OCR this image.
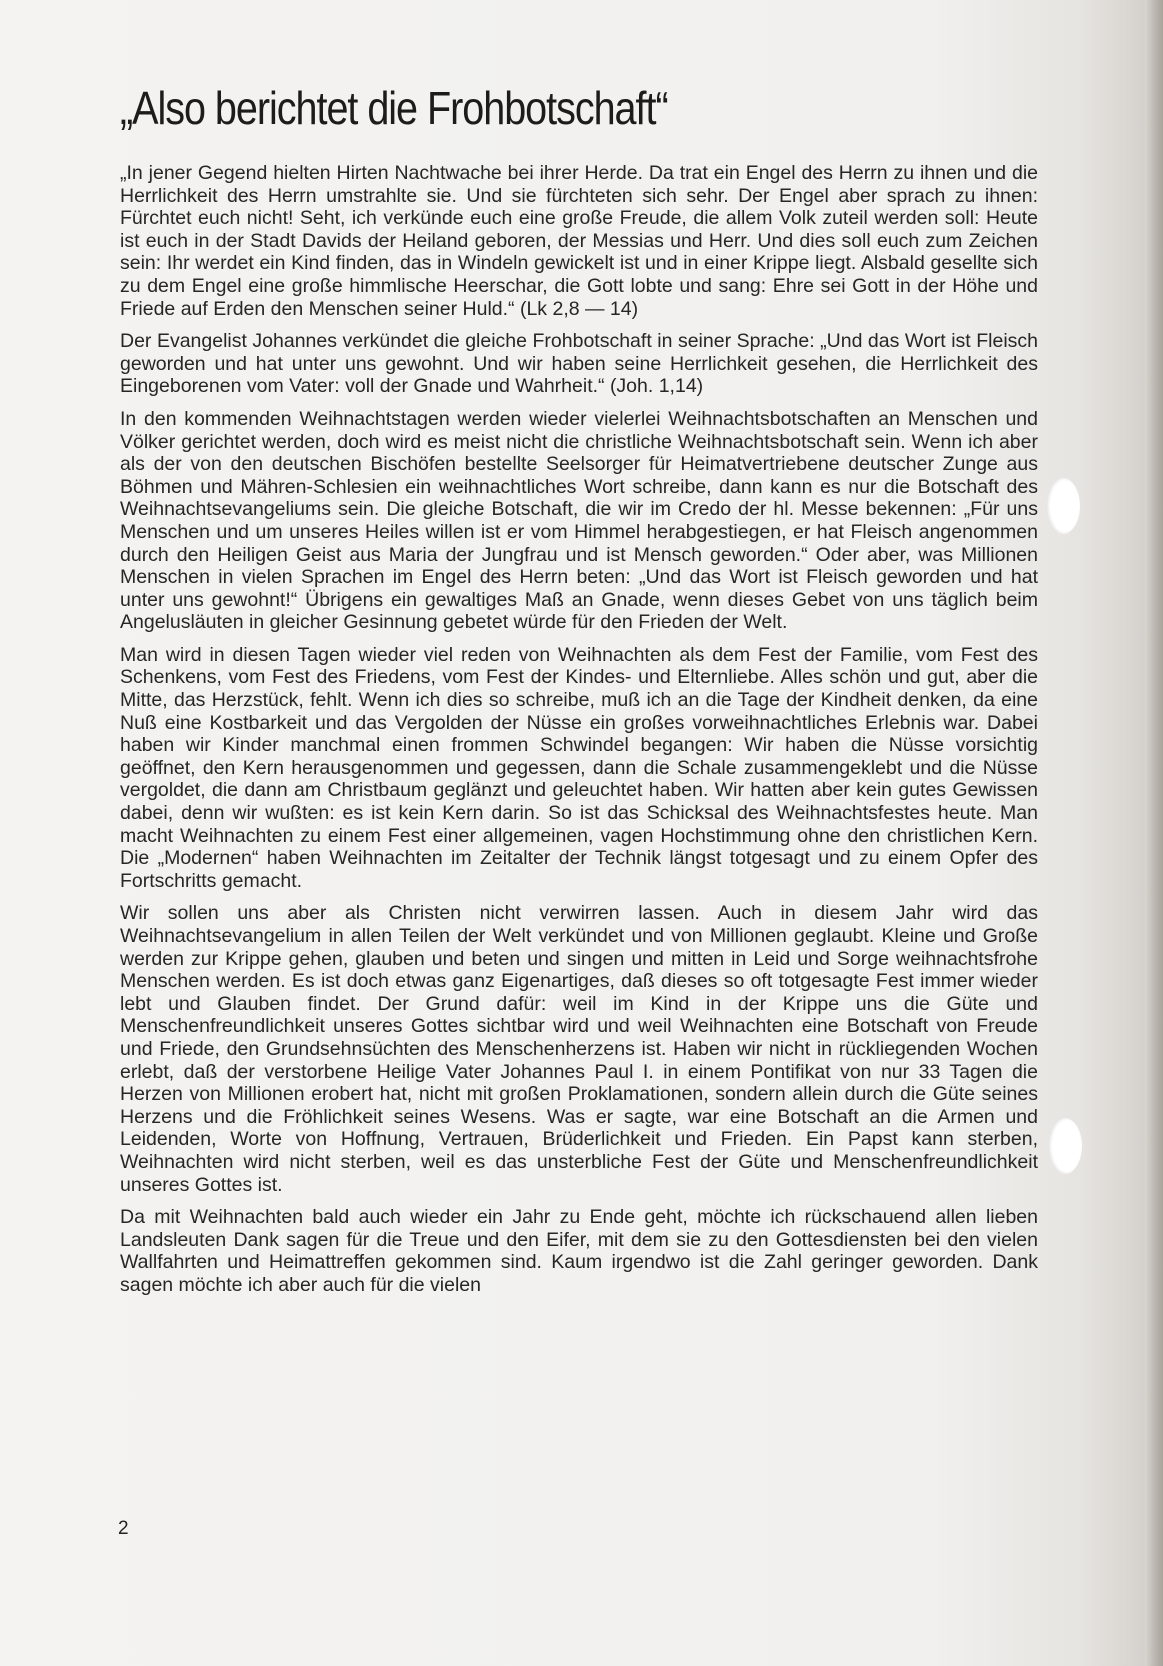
„Also berichtet die Frohbotschaft“

„In jener Gegend hielten Hirten Nachtwache bei ihrer Herde. Da trat ein Engel des Herrn zu ihnen und die Herrlichkeit des Herrn umstrahlte sie. Und sie fürchteten sich sehr. Der Engel aber sprach zu ihnen: Fürchtet euch nicht! Seht, ich verkünde euch eine große Freude, die allem Volk zuteil werden soll: Heute ist euch in der Stadt Davids der Heiland geboren, der Messias und Herr. Und dies soll euch zum Zeichen sein: Ihr werdet ein Kind finden, das in Windeln gewickelt ist und in einer Krippe liegt. Alsbald gesellte sich zu dem Engel eine große himmlische Heerschar, die Gott lobte und sang: Ehre sei Gott in der Höhe und Friede auf Erden den Menschen seiner Huld.“ (Lk 2,8 — 14)

Der Evangelist Johannes verkündet die gleiche Frohbotschaft in seiner Sprache: „Und das Wort ist Fleisch geworden und hat unter uns gewohnt. Und wir haben seine Herrlichkeit gesehen, die Herrlichkeit des Eingeborenen vom Vater: voll der Gnade und Wahrheit.“ (Joh. 1,14)

In den kommenden Weihnachtstagen werden wieder vielerlei Weihnachtsbotschaften an Menschen und Völker gerichtet werden, doch wird es meist nicht die christliche Weihnachtsbotschaft sein. Wenn ich aber als der von den deutschen Bischöfen bestellte Seelsorger für Heimatvertriebene deutscher Zunge aus Böhmen und Mähren-Schlesien ein weihnachtliches Wort schreibe, dann kann es nur die Botschaft des Weihnachtsevangeliums sein. Die gleiche Botschaft, die wir im Credo der hl. Messe bekennen: „Für uns Menschen und um unseres Heiles willen ist er vom Himmel herabgestiegen, er hat Fleisch angenommen durch den Heiligen Geist aus Maria der Jungfrau und ist Mensch geworden.“ Oder aber, was Millionen Menschen in vielen Sprachen im Engel des Herrn beten: „Und das Wort ist Fleisch geworden und hat unter uns gewohnt!“ Übrigens ein gewaltiges Maß an Gnade, wenn dieses Gebet von uns täglich beim Angelusläuten in gleicher Gesinnung gebetet würde für den Frieden der Welt.

Man wird in diesen Tagen wieder viel reden von Weihnachten als dem Fest der Familie, vom Fest des Schenkens, vom Fest des Friedens, vom Fest der Kindes- und Elternliebe. Alles schön und gut, aber die Mitte, das Herzstück, fehlt. Wenn ich dies so schreibe, muß ich an die Tage der Kindheit denken, da eine Nuß eine Kostbarkeit und das Vergolden der Nüsse ein großes vorweihnachtliches Erlebnis war. Dabei haben wir Kinder manchmal einen frommen Schwindel begangen: Wir haben die Nüsse vorsichtig geöffnet, den Kern herausgenommen und gegessen, dann die Schale zusammengeklebt und die Nüsse vergoldet, die dann am Christbaum geglänzt und geleuchtet haben. Wir hatten aber kein gutes Gewissen dabei, denn wir wußten: es ist kein Kern darin. So ist das Schicksal des Weihnachtsfestes heute. Man macht Weihnachten zu einem Fest einer allgemeinen, vagen Hochstimmung ohne den christlichen Kern. Die „Modernen“ haben Weihnachten im Zeitalter der Technik längst totgesagt und zu einem Opfer des Fortschritts gemacht.

Wir sollen uns aber als Christen nicht verwirren lassen. Auch in diesem Jahr wird das Weihnachtsevangelium in allen Teilen der Welt verkündet und von Millionen geglaubt. Kleine und Große werden zur Krippe gehen, glauben und beten und singen und mitten in Leid und Sorge weihnachtsfrohe Menschen werden. Es ist doch etwas ganz Eigenartiges, daß dieses so oft totgesagte Fest immer wieder lebt und Glauben findet. Der Grund dafür: weil im Kind in der Krippe uns die Güte und Menschenfreundlichkeit unseres Gottes sichtbar wird und weil Weihnachten eine Botschaft von Freude und Friede, den Grundsehnsüchten des Menschenherzens ist. Haben wir nicht in rückliegenden Wochen erlebt, daß der verstorbene Heilige Vater Johannes Paul I. in einem Pontifikat von nur 33 Tagen die Herzen von Millionen erobert hat, nicht mit großen Proklamationen, sondern allein durch die Güte seines Herzens und die Fröhlichkeit seines Wesens. Was er sagte, war eine Botschaft an die Armen und Leidenden, Worte von Hoffnung, Vertrauen, Brüderlichkeit und Frieden. Ein Papst kann sterben, Weihnachten wird nicht sterben, weil es das unsterbliche Fest der Güte und Menschenfreundlichkeit unseres Gottes ist.

Da mit Weihnachten bald auch wieder ein Jahr zu Ende geht, möchte ich rückschauend allen lieben Landsleuten Dank sagen für die Treue und den Eifer, mit dem sie zu den Gottesdiensten bei den vielen Wallfahrten und Heimattreffen gekommen sind. Kaum irgendwo ist die Zahl geringer geworden. Dank sagen möchte ich aber auch für die vielen

2
